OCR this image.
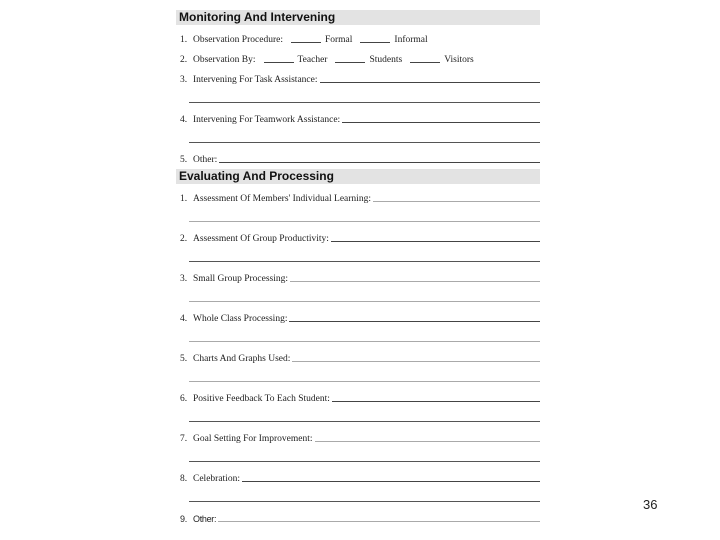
Monitoring And Intervening
1. Observation Procedure:	Formal	Informal
2. Observation By:	Teacher	Students	Visitors
3. Intervening For Task Assistance:
4. Intervening For Teamwork Assistance:
5. Other:
Evaluating And Processing
1. Assessment Of Members' Individual Learning:
2. Assessment Of Group Productivity:
3. Small Group Processing:
4. Whole Class Processing:
5. Charts And Graphs Used:
6. Positive Feedback To Each Student:
7. Goal Setting For Improvement:
8. Celebration:
9. Other:
36
